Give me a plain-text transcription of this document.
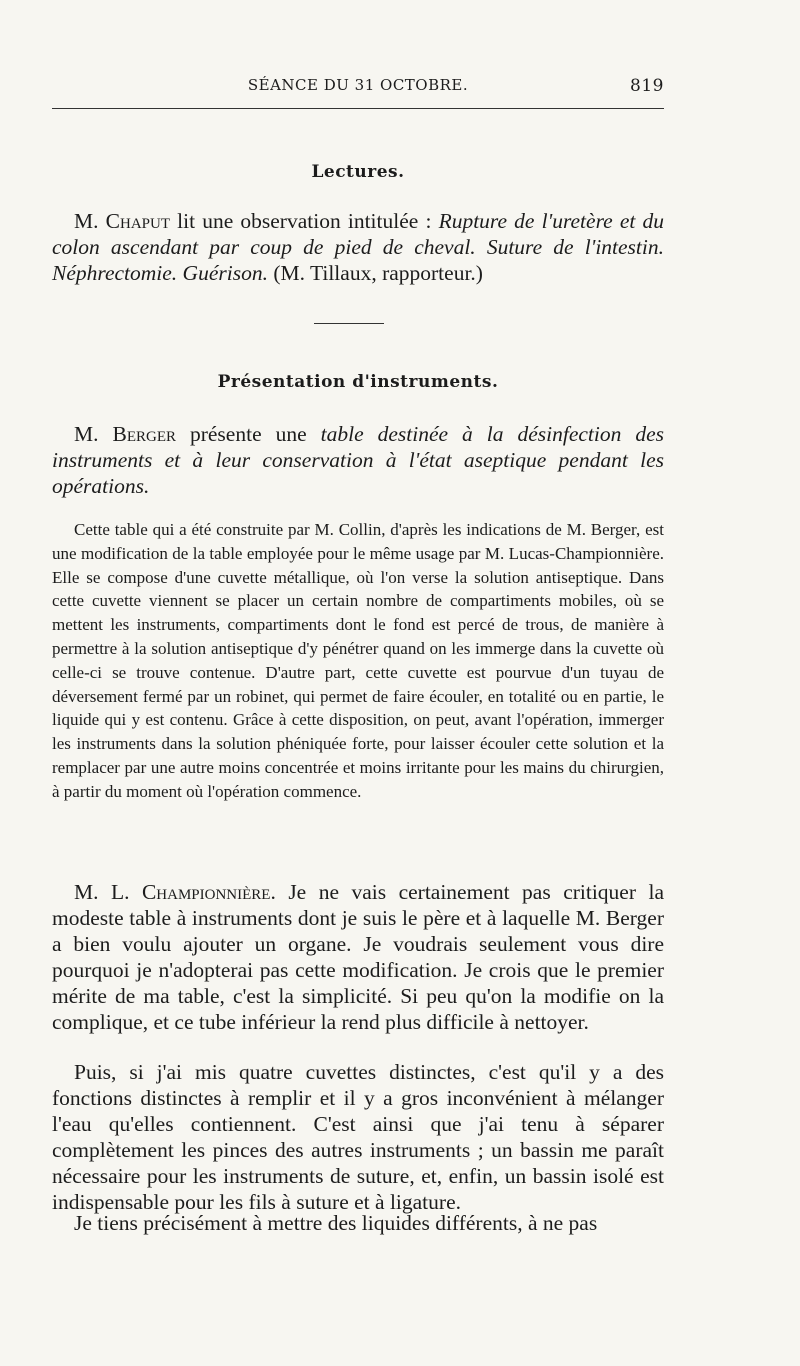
SÉANCE DU 31 OCTOBRE.	819
Lectures.

M. Chaput lit une observation intitulée : Rupture de l'uretère et du colon ascendant par coup de pied de cheval. Suture de l'intestin. Néphrectomie. Guérison. (M. Tillaux, rapporteur.)

Présentation d'instruments.

M. Berger présente une table destinée à la désinfection des instruments et à leur conservation à l'état aseptique pendant les opérations.

Cette table qui a été construite par M. Collin, d'après les indications de M. Berger, est une modification de la table employée pour le même usage par M. Lucas-Championnière. Elle se compose d'une cuvette métallique, où l'on verse la solution antiseptique. Dans cette cuvette viennent se placer un certain nombre de compartiments mobiles, où se mettent les instruments, compartiments dont le fond est percé de trous, de manière à permettre à la solution antiseptique d'y pénétrer quand on les immerge dans la cuvette où celle-ci se trouve contenue. D'autre part, cette cuvette est pourvue d'un tuyau de déversement fermé par un robinet, qui permet de faire écouler, en totalité ou en partie, le liquide qui y est contenu. Grâce à cette disposition, on peut, avant l'opération, immerger les instruments dans la solution phéniquée forte, pour laisser écouler cette solution et la remplacer par une autre moins concentrée et moins irritante pour les mains du chirurgien, à partir du moment où l'opération commence.

M. L. Championnière. Je ne vais certainement pas critiquer la modeste table à instruments dont je suis le père et à laquelle M. Berger a bien voulu ajouter un organe. Je voudrais seulement vous dire pourquoi je n'adopterai pas cette modification. Je crois que le premier mérite de ma table, c'est la simplicité. Si peu qu'on la modifie on la complique, et ce tube inférieur la rend plus difficile à nettoyer.

Puis, si j'ai mis quatre cuvettes distinctes, c'est qu'il y a des fonctions distinctes à remplir et il y a gros inconvénient à mélanger l'eau qu'elles contiennent. C'est ainsi que j'ai tenu à séparer complètement les pinces des autres instruments ; un bassin me paraît nécessaire pour les instruments de suture, et, enfin, un bassin isolé est indispensable pour les fils à suture et à ligature.

Je tiens précisément à mettre des liquides différents, à ne pas
